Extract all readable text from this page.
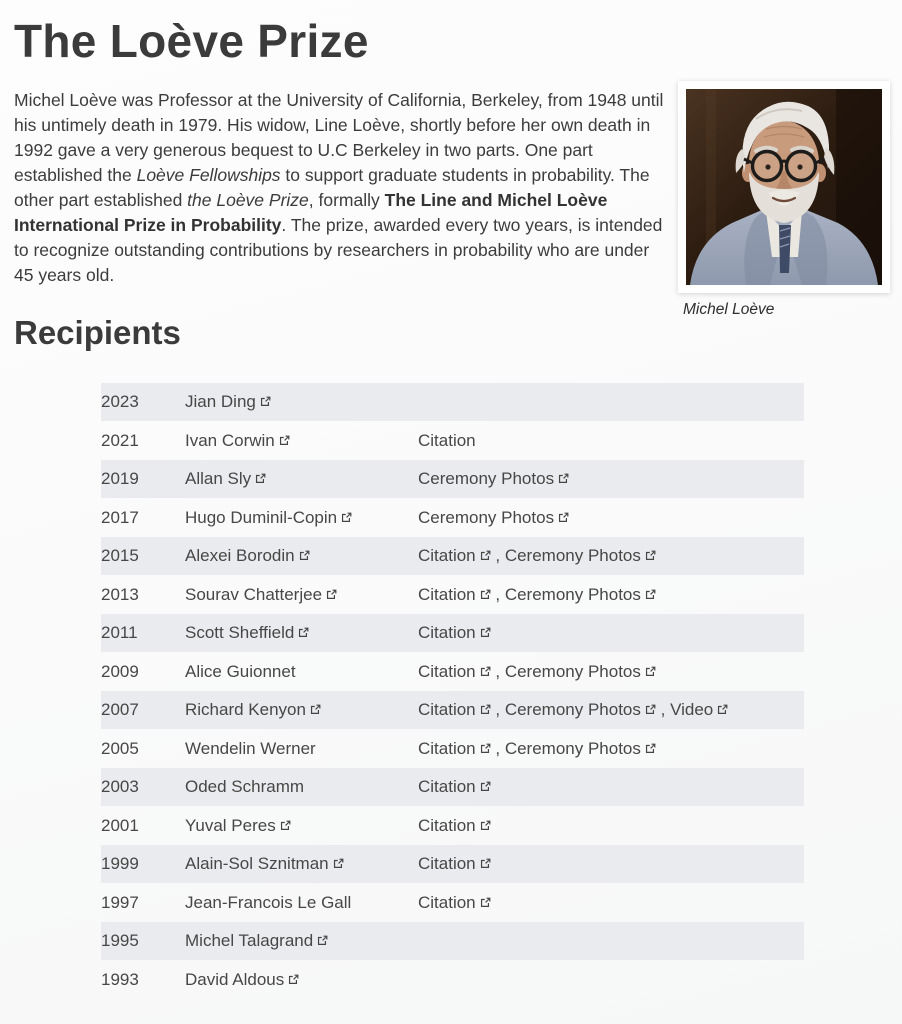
The Loève Prize

Michel Loève was Professor at the University of California, Berkeley, from 1948 until his untimely death in 1979. His widow, Line Loève, shortly before her own death in 1992 gave a very generous bequest to U.C Berkeley in two parts. One part established the Loève Fellowships to support graduate students in probability. The other part established the Loève Prize, formally The Line and Michel Loève International Prize in Probability. The prize, awarded every two years, is intended to recognize outstanding contributions by researchers in probability who are under 45 years old.

Michel Loève
Recipients
2023	Jian Ding	
2021	Ivan Corwin	Citation
2019	Allan Sly	Ceremony Photos
2017	Hugo Duminil-Copin	Ceremony Photos
2015	Alexei Borodin	Citation , Ceremony Photos
2013	Sourav Chatterjee	Citation , Ceremony Photos
2011	Scott Sheffield	Citation
2009	Alice Guionnet	Citation , Ceremony Photos
2007	Richard Kenyon	Citation , Ceremony Photos , Video
2005	Wendelin Werner	Citation , Ceremony Photos
2003	Oded Schramm	Citation
2001	Yuval Peres	Citation
1999	Alain-Sol Sznitman	Citation
1997	Jean-Francois Le Gall	Citation
1995	Michel Talagrand	
1993	David Aldous	
